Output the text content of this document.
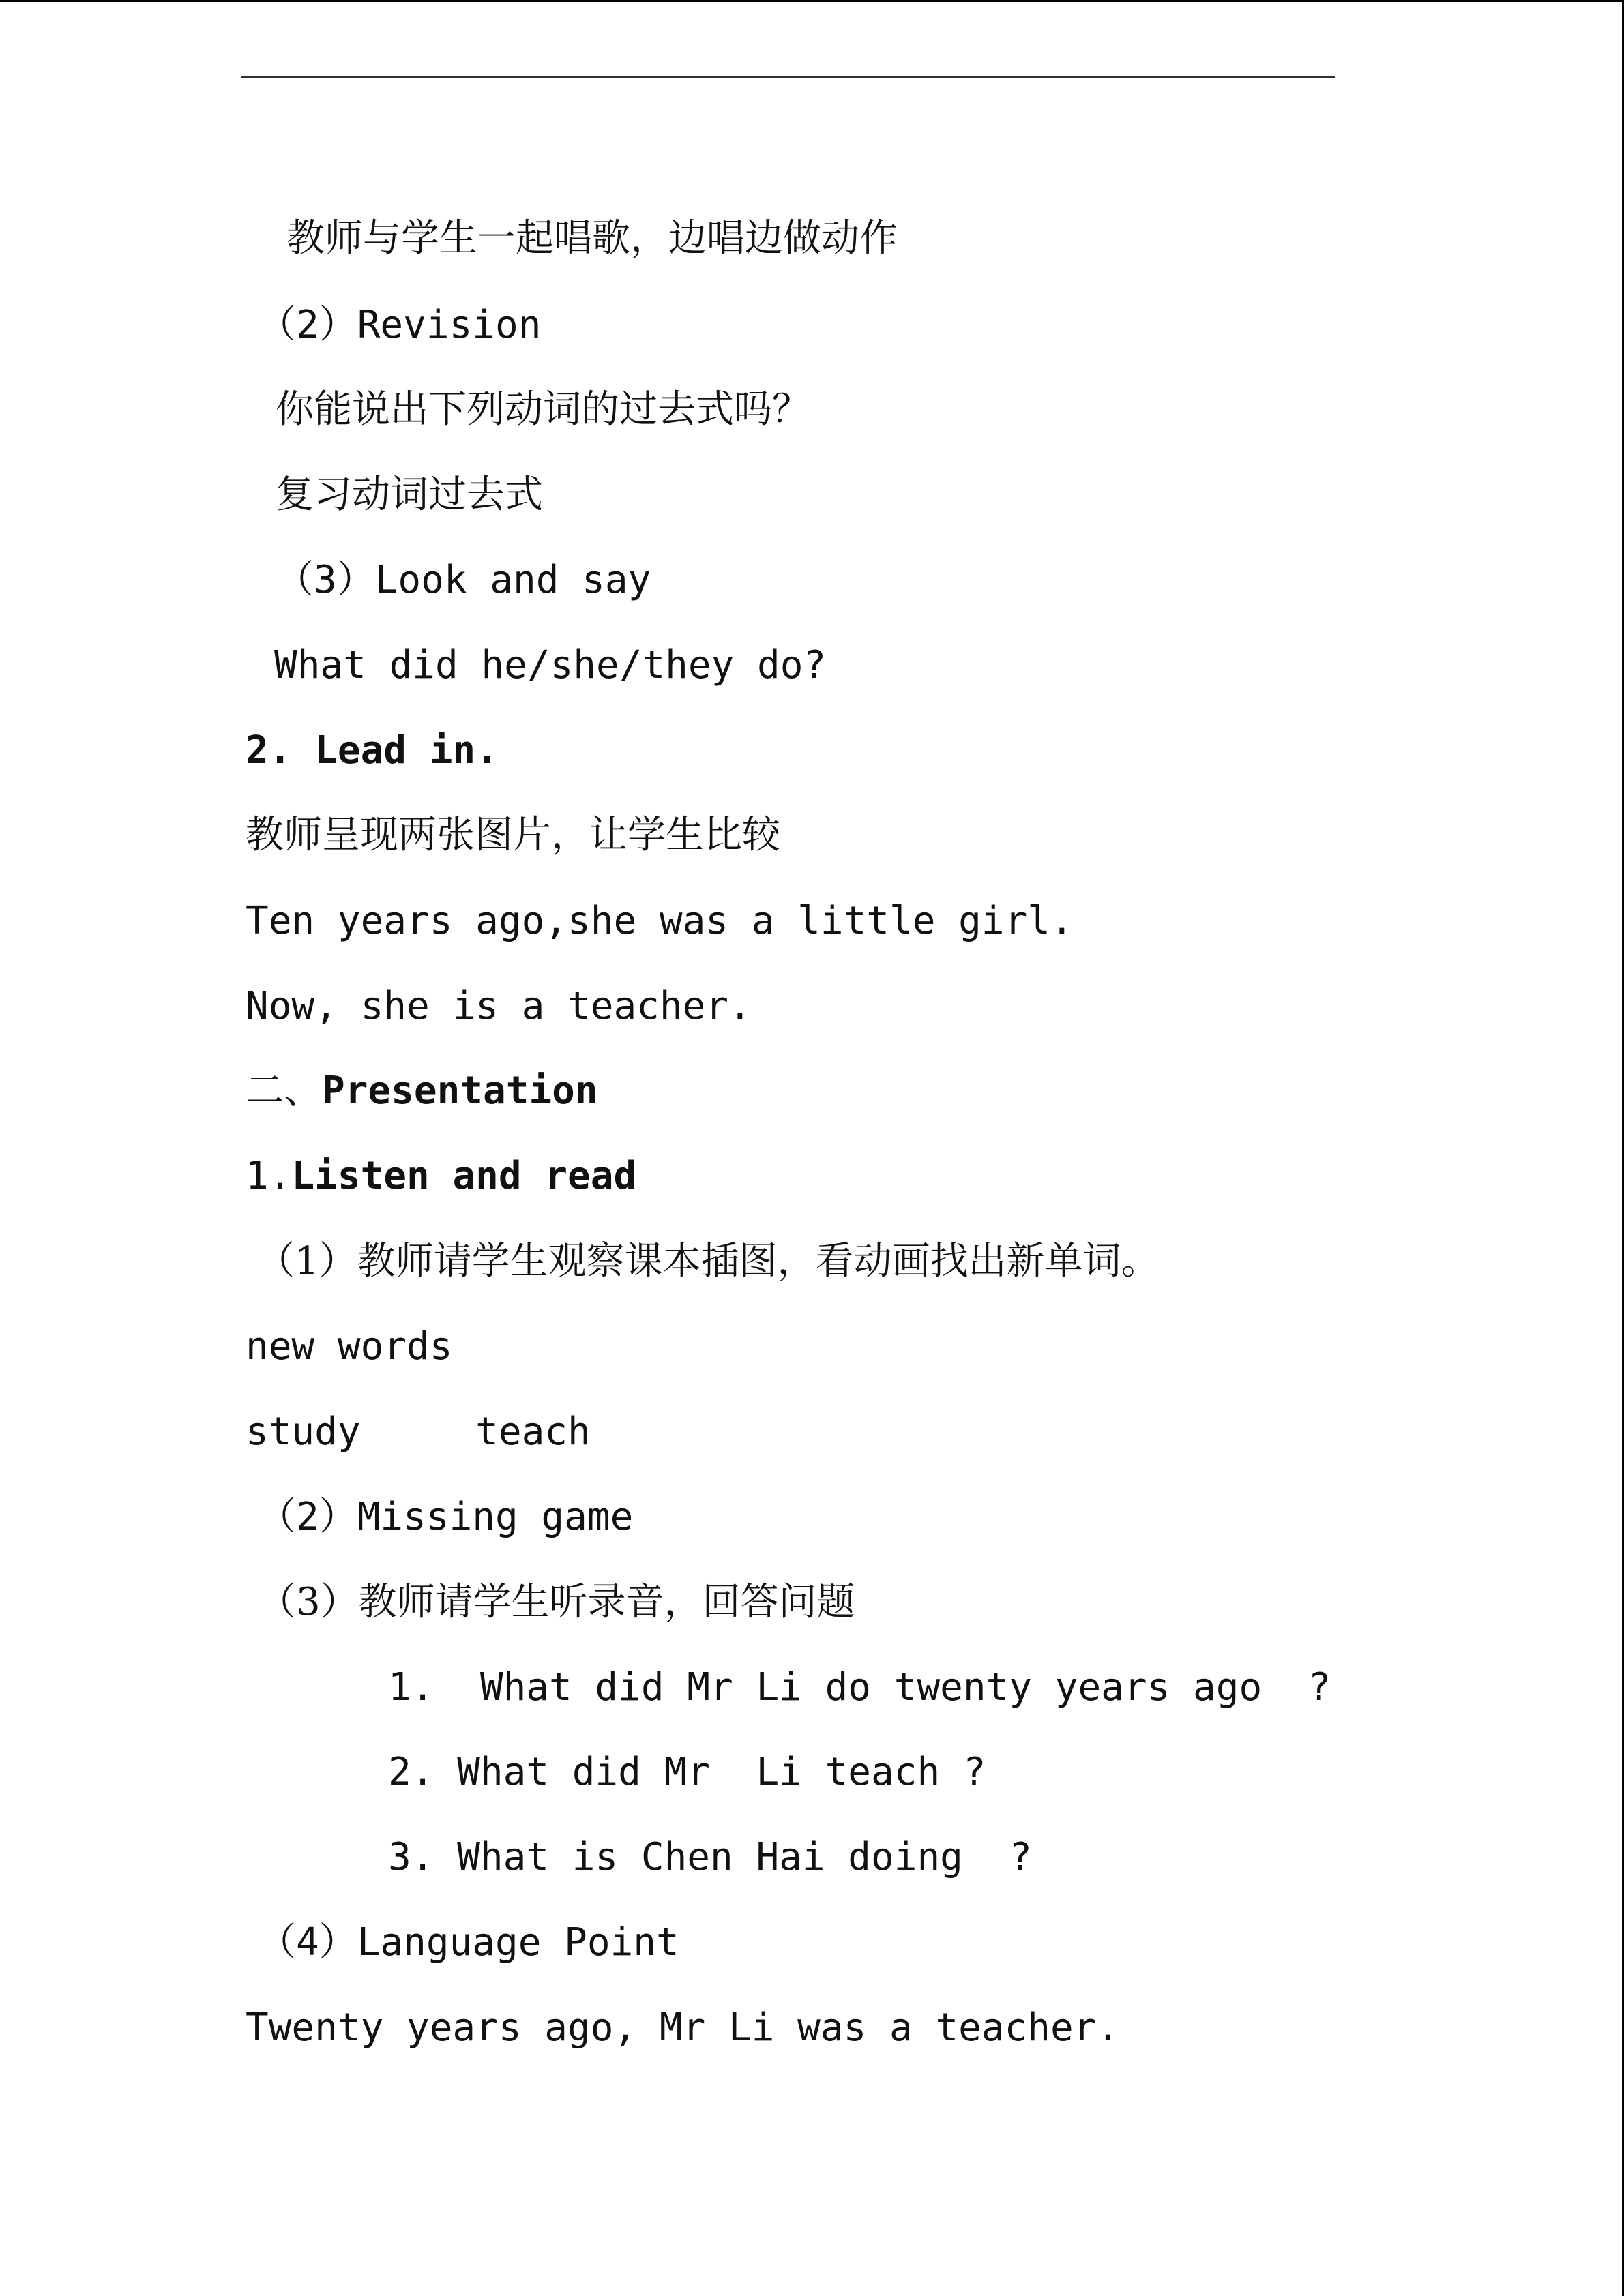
教师与学生一起唱歌，边唱边做动作
（2）Revision
你能说出下列动词的过去式吗？
复习动词过去式
（3）Look and say
What did he/she/they do?
2. Lead in.
教师呈现两张图片，让学生比较
Ten years ago,she was a little girl.
Now, she is a teacher.
二、Presentation
1.Listen and read
（1）教师请学生观察课本插图，看动画找出新单词。
new words
study     teach
（2）Missing game
（3）教师请学生听录音，回答问题
1.  What did Mr Li do twenty years ago  ?
2. What did Mr  Li teach ?
3. What is Chen Hai doing  ?
（4）Language Point
Twenty years ago, Mr Li was a teacher.
